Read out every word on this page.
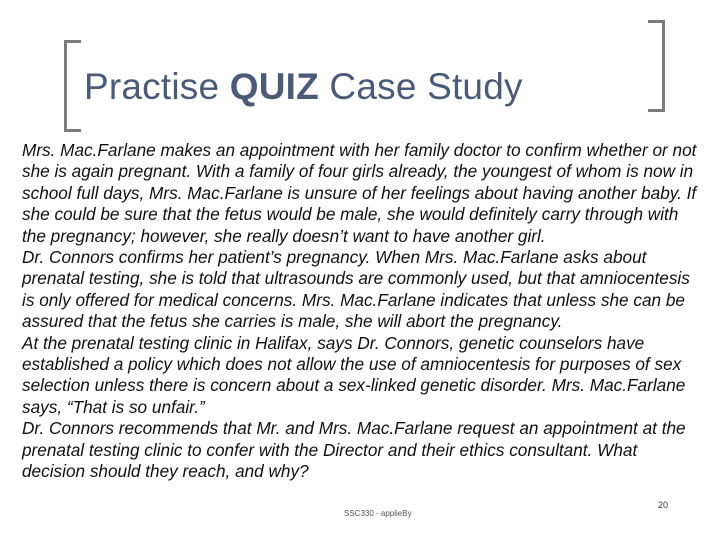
Practise QUIZ Case Study

Mrs. Mac.Farlane makes an appointment with her family doctor to confirm whether or not she is again pregnant. With a family of four girls already, the youngest of whom is now in school full days, Mrs. Mac.Farlane is unsure of her feelings about having another baby. If she could be sure that the fetus would be male, she would definitely carry through with the pregnancy; however, she really doesn’t want to have another girl.

Dr. Connors confirms her patient’s pregnancy. When Mrs. Mac.Farlane asks about prenatal testing, she is told that ultrasounds are commonly used, but that amniocentesis is only offered for medical concerns. Mrs. Mac.Farlane indicates that unless she can be assured that the fetus she carries is male, she will abort the pregnancy.

At the prenatal testing clinic in Halifax, says Dr. Connors, genetic counselors have established a policy which does not allow the use of amniocentesis for purposes of sex selection unless there is concern about a sex-linked genetic disorder. Mrs. Mac.Farlane says, “That is so unfair.”

Dr. Connors recommends that Mr. and Mrs. Mac.Farlane request an appointment at the prenatal testing clinic to confer with the Director and their ethics consultant. What decision should they reach, and why?

SSC330 - applieBy
20
